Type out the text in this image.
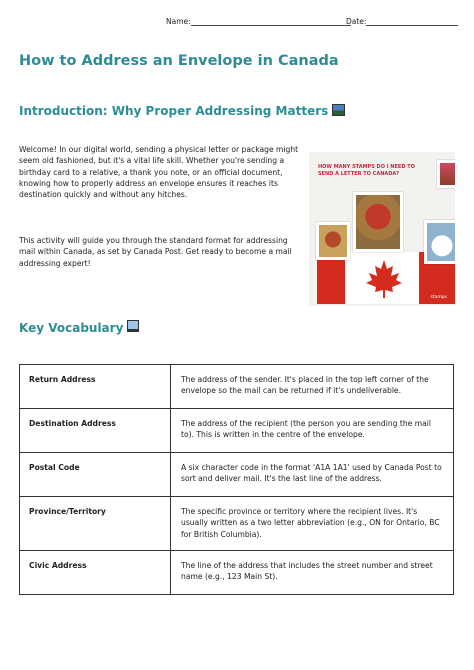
Name:	Date:
How to Address an Envelope in Canada
Introduction: Why Proper Addressing Matters

Welcome! In our digital world, sending a physical letter or package might seem old fashioned, but it's a vital life skill. Whether you're sending a birthday card to a relative, a thank you note, or an official document, knowing how to properly address an envelope ensures it reaches its destination quickly and without any hitches.

This activity will guide you through the standard format for addressing mail within Canada, as set by Canada Post. Get ready to become a mail addressing expert!

HOW MANY STAMPS DO I NEED TO SEND A LETTER TO CANADA?
stamps
Key Vocabulary
Return Address	The address of the sender. It's placed in the top left corner of the envelope so the mail can be returned if it's undeliverable.

Destination Address	The address of the recipient (the person you are sending the mail to). This is written in the centre of the envelope.

Postal Code	A six character code in the format 'A1A 1A1' used by Canada Post to sort and deliver mail. It's the last line of the address.

Province/Territory	The specific province or territory where the recipient lives. It's usually written as a two letter abbreviation (e.g., ON for Ontario, BC for British Columbia).

Civic Address	The line of the address that includes the street number and street name (e.g., 123 Main St).
